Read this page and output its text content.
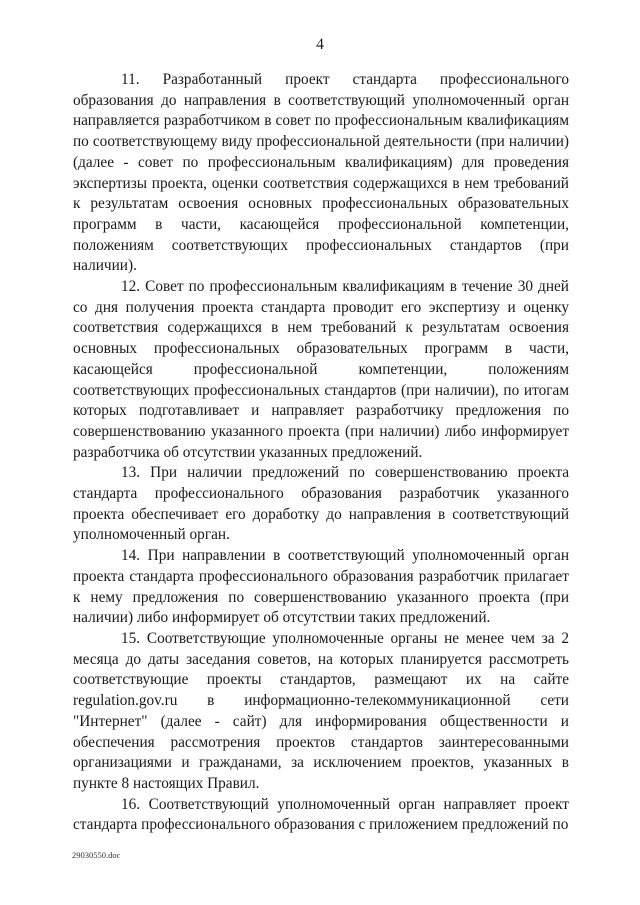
4

11. Разработанный проект стандарта профессионального образования до направления в соответствующий уполномоченный орган направляется разработчиком в совет по профессиональным квалификациям по соответствующему виду профессиональной деятельности (при наличии) (далее - совет по профессиональным квалификациям) для проведения экспертизы проекта, оценки соответствия содержащихся в нем требований к результатам освоения основных профессиональных образовательных программ в части, касающейся профессиональной компетенции, положениям соответствующих профессиональных стандартов (при наличии).

12. Совет по профессиональным квалификациям в течение 30 дней со дня получения проекта стандарта проводит его экспертизу и оценку соответствия содержащихся в нем требований к результатам освоения основных профессиональных образовательных программ в части, касающейся профессиональной компетенции, положениям соответствующих профессиональных стандартов (при наличии), по итогам которых подготавливает и направляет разработчику предложения по совершенствованию указанного проекта (при наличии) либо информирует разработчика об отсутствии указанных предложений.

13. При наличии предложений по совершенствованию проекта стандарта профессионального образования разработчик указанного проекта обеспечивает его доработку до направления в соответствующий уполномоченный орган.

14. При направлении в соответствующий уполномоченный орган проекта стандарта профессионального образования разработчик прилагает к нему предложения по совершенствованию указанного проекта (при наличии) либо информирует об отсутствии таких предложений.

15. Соответствующие уполномоченные органы не менее чем за 2 месяца до даты заседания советов, на которых планируется рассмотреть соответствующие проекты стандартов, размещают их на сайте regulation.gov.ru в информационно-телекоммуникационной сети "Интернет" (далее - сайт) для информирования общественности и обеспечения рассмотрения проектов стандартов заинтересованными организациями и гражданами, за исключением проектов, указанных в пункте 8 настоящих Правил.

16. Соответствующий уполномоченный орган направляет проект стандарта профессионального образования с приложением предложений по

29030550.doc
